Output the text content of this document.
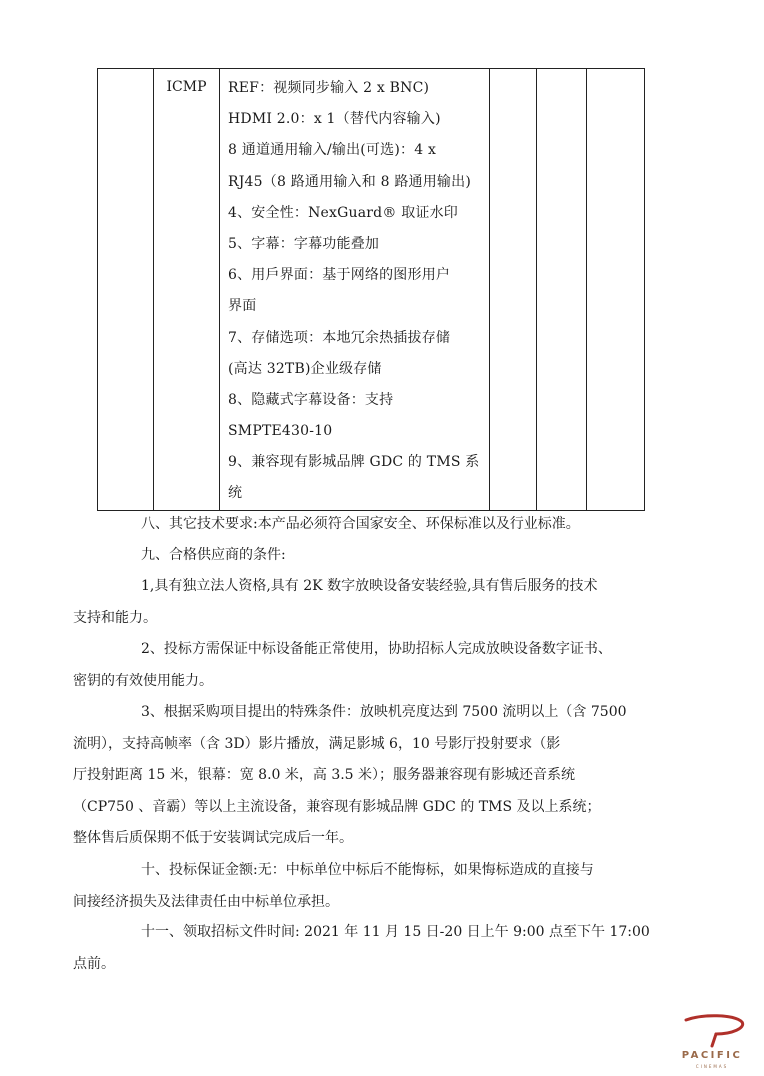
	ICMP	REF：视频同步输入 2 x BNC)
HDMI 2.0：x 1（替代内容输入)
8 通道通用输入/输出(可选)：4 x
RJ45（8 路通用输入和 8 路通用输出)
4、安全性：NexGuard® 取证水印
5、字幕：字幕功能叠加
6、用戶界面：基于网络的图形用户
界面
7、存储选项：本地冗余热插拔存储
(高达 32TB)企业级存储
8、隐藏式字幕设备：支持
SMPTE430-10
9、兼容现有影城品牌 GDC 的 TMS 系
统

八、其它技术要求:本产品必须符合国家安全、环保标准以及行业标准。

九、合格供应商的条件:

1,具有独立法人资格,具有 2K 数字放映设备安装经验,具有售后服务的技术
支持和能力。

2、投标方需保证中标设备能正常使用，协助招标人完成放映设备数字证书、
密钥的有效使用能力。

3、根据采购项目提出的特殊条件：放映机亮度达到 7500 流明以上（含 7500
流明），支持高帧率（含 3D）影片播放，满足影城 6，10 号影厅投射要求（影
厅投射距离 15 米，银幕：宽 8.0 米，高 3.5 米）；服务器兼容现有影城还音系统
（CP750 、音霸）等以上主流设备，兼容现有影城品牌 GDC 的 TMS 及以上系统；
整体售后质保期不低于安装调试完成后一年。

十、投标保证金额:无：中标单位中标后不能悔标，如果悔标造成的直接与
间接经济损失及法律责任由中标单位承担。

十一、领取招标文件时间: 2021 年 11 月 15 日-20 日上午 9:00 点至下午 17:00
点前。

PACIFIC
CINEMAS
